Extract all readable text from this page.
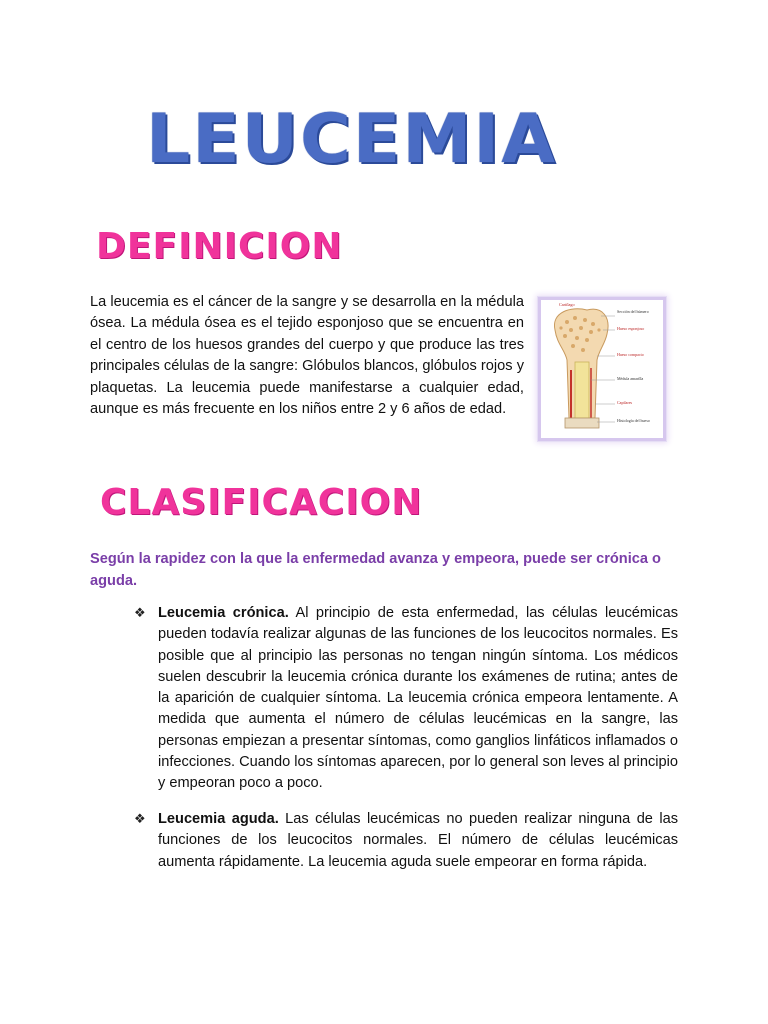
LEUCEMIA
DEFINICION
La leucemia es el cáncer de la sangre y se desarrolla en la médula ósea. La médula ósea es el tejido esponjoso que se encuentra en el centro de los huesos grandes del cuerpo y que produce las tres principales células de la sangre: Glóbulos blancos, glóbulos rojos y plaquetas. La leucemia puede manifestarse a cualquier edad, aunque es más frecuente en los niños entre 2 y 6 años de edad.
Cartílago
Sección del húmero
Hueso esponjoso
Hueso compacto
Médula amarilla
Capilares
Histología del hueso
CLASIFICACION
Según la rapidez con la que la enfermedad avanza y empeora, puede ser crónica o aguda.
❖ Leucemia crónica. Al principio de esta enfermedad, las células leucémicas pueden todavía realizar algunas de las funciones de los leucocitos normales. Es posible que al principio las personas no tengan ningún síntoma. Los médicos suelen descubrir la leucemia crónica durante los exámenes de rutina; antes de la aparición de cualquier síntoma. La leucemia crónica empeora lentamente. A medida que aumenta el número de células leucémicas en la sangre, las personas empiezan a presentar síntomas, como ganglios linfáticos inflamados o infecciones. Cuando los síntomas aparecen, por lo general son leves al principio y empeoran poco a poco.
❖ Leucemia aguda. Las células leucémicas no pueden realizar ninguna de las funciones de los leucocitos normales. El número de células leucémicas aumenta rápidamente. La leucemia aguda suele empeorar en forma rápida.
